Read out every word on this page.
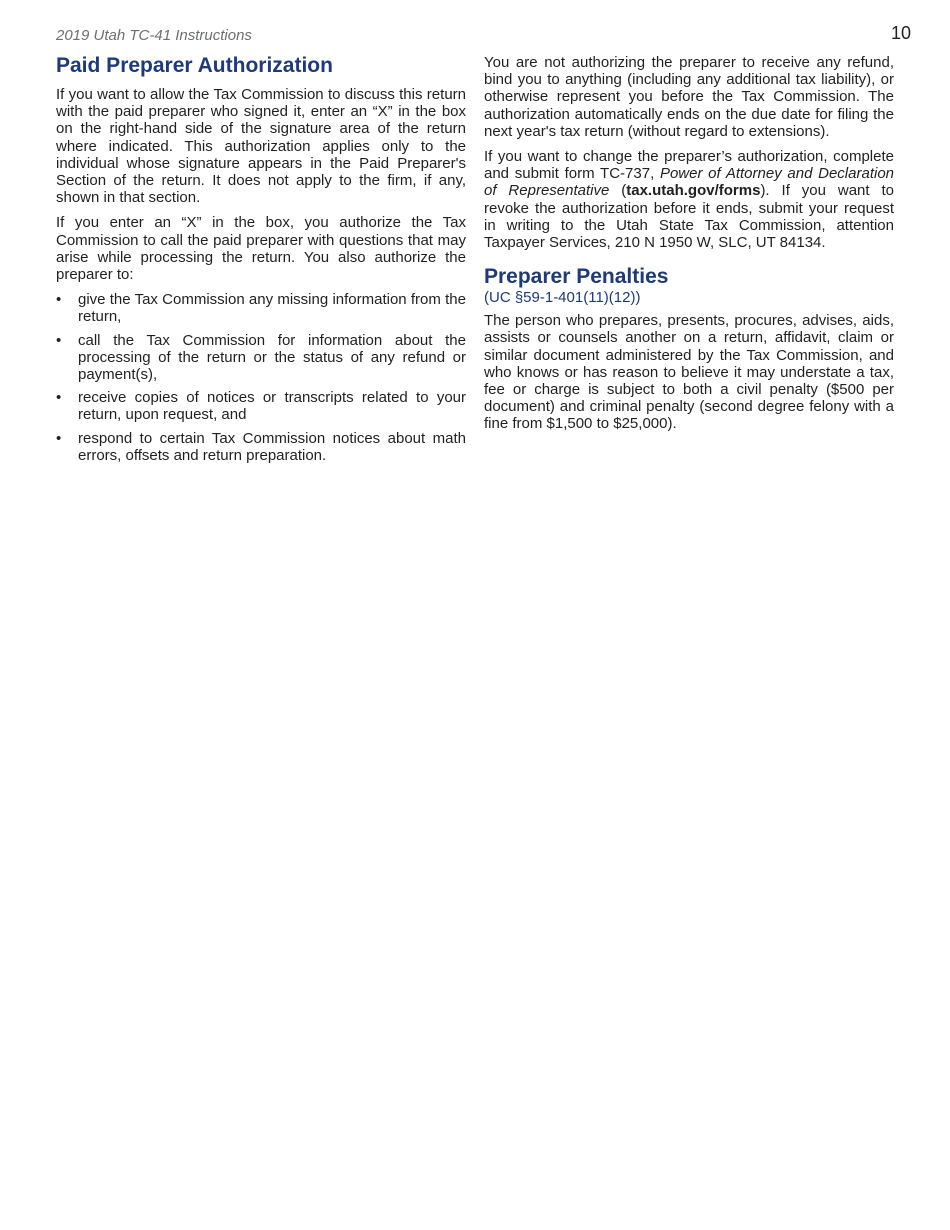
2019 Utah TC-41 Instructions	10
Paid Preparer Authorization

If you want to allow the Tax Commission to discuss this return with the paid preparer who signed it, enter an “X” in the box on the right-hand side of the signature area of the return where indicated. This authorization applies only to the individual whose signature appears in the Paid Preparer's Section of the return. It does not apply to the firm, if any, shown in that section.

If you enter an “X” in the box, you authorize the Tax Commission to call the paid preparer with questions that may arise while processing the return. You also authorize the preparer to:

• give the Tax Commission any missing information from the return,
• call the Tax Commission for information about the processing of the return or the status of any refund or payment(s),
• receive copies of notices or transcripts related to your return, upon request, and
• respond to certain Tax Commission notices about math errors, offsets and return preparation.

You are not authorizing the preparer to receive any refund, bind you to anything (including any additional tax liability), or otherwise represent you before the Tax Commission. The authorization automatically ends on the due date for filing the next year's tax return (without regard to extensions).

If you want to change the preparer’s authorization, complete and submit form TC-737, Power of Attorney and Declaration of Representative (tax.utah.gov/forms). If you want to revoke the authorization before it ends, submit your request in writing to the Utah State Tax Commission, attention Taxpayer Services, 210 N 1950 W, SLC, UT 84134.

Preparer Penalties
(UC §59-1-401(11)(12))

The person who prepares, presents, procures, advises, aids, assists or counsels another on a return, affidavit, claim or similar document administered by the Tax Commission, and who knows or has reason to believe it may understate a tax, fee or charge is subject to both a civil penalty ($500 per document) and criminal penalty (second degree felony with a fine from $1,500 to $25,000).
